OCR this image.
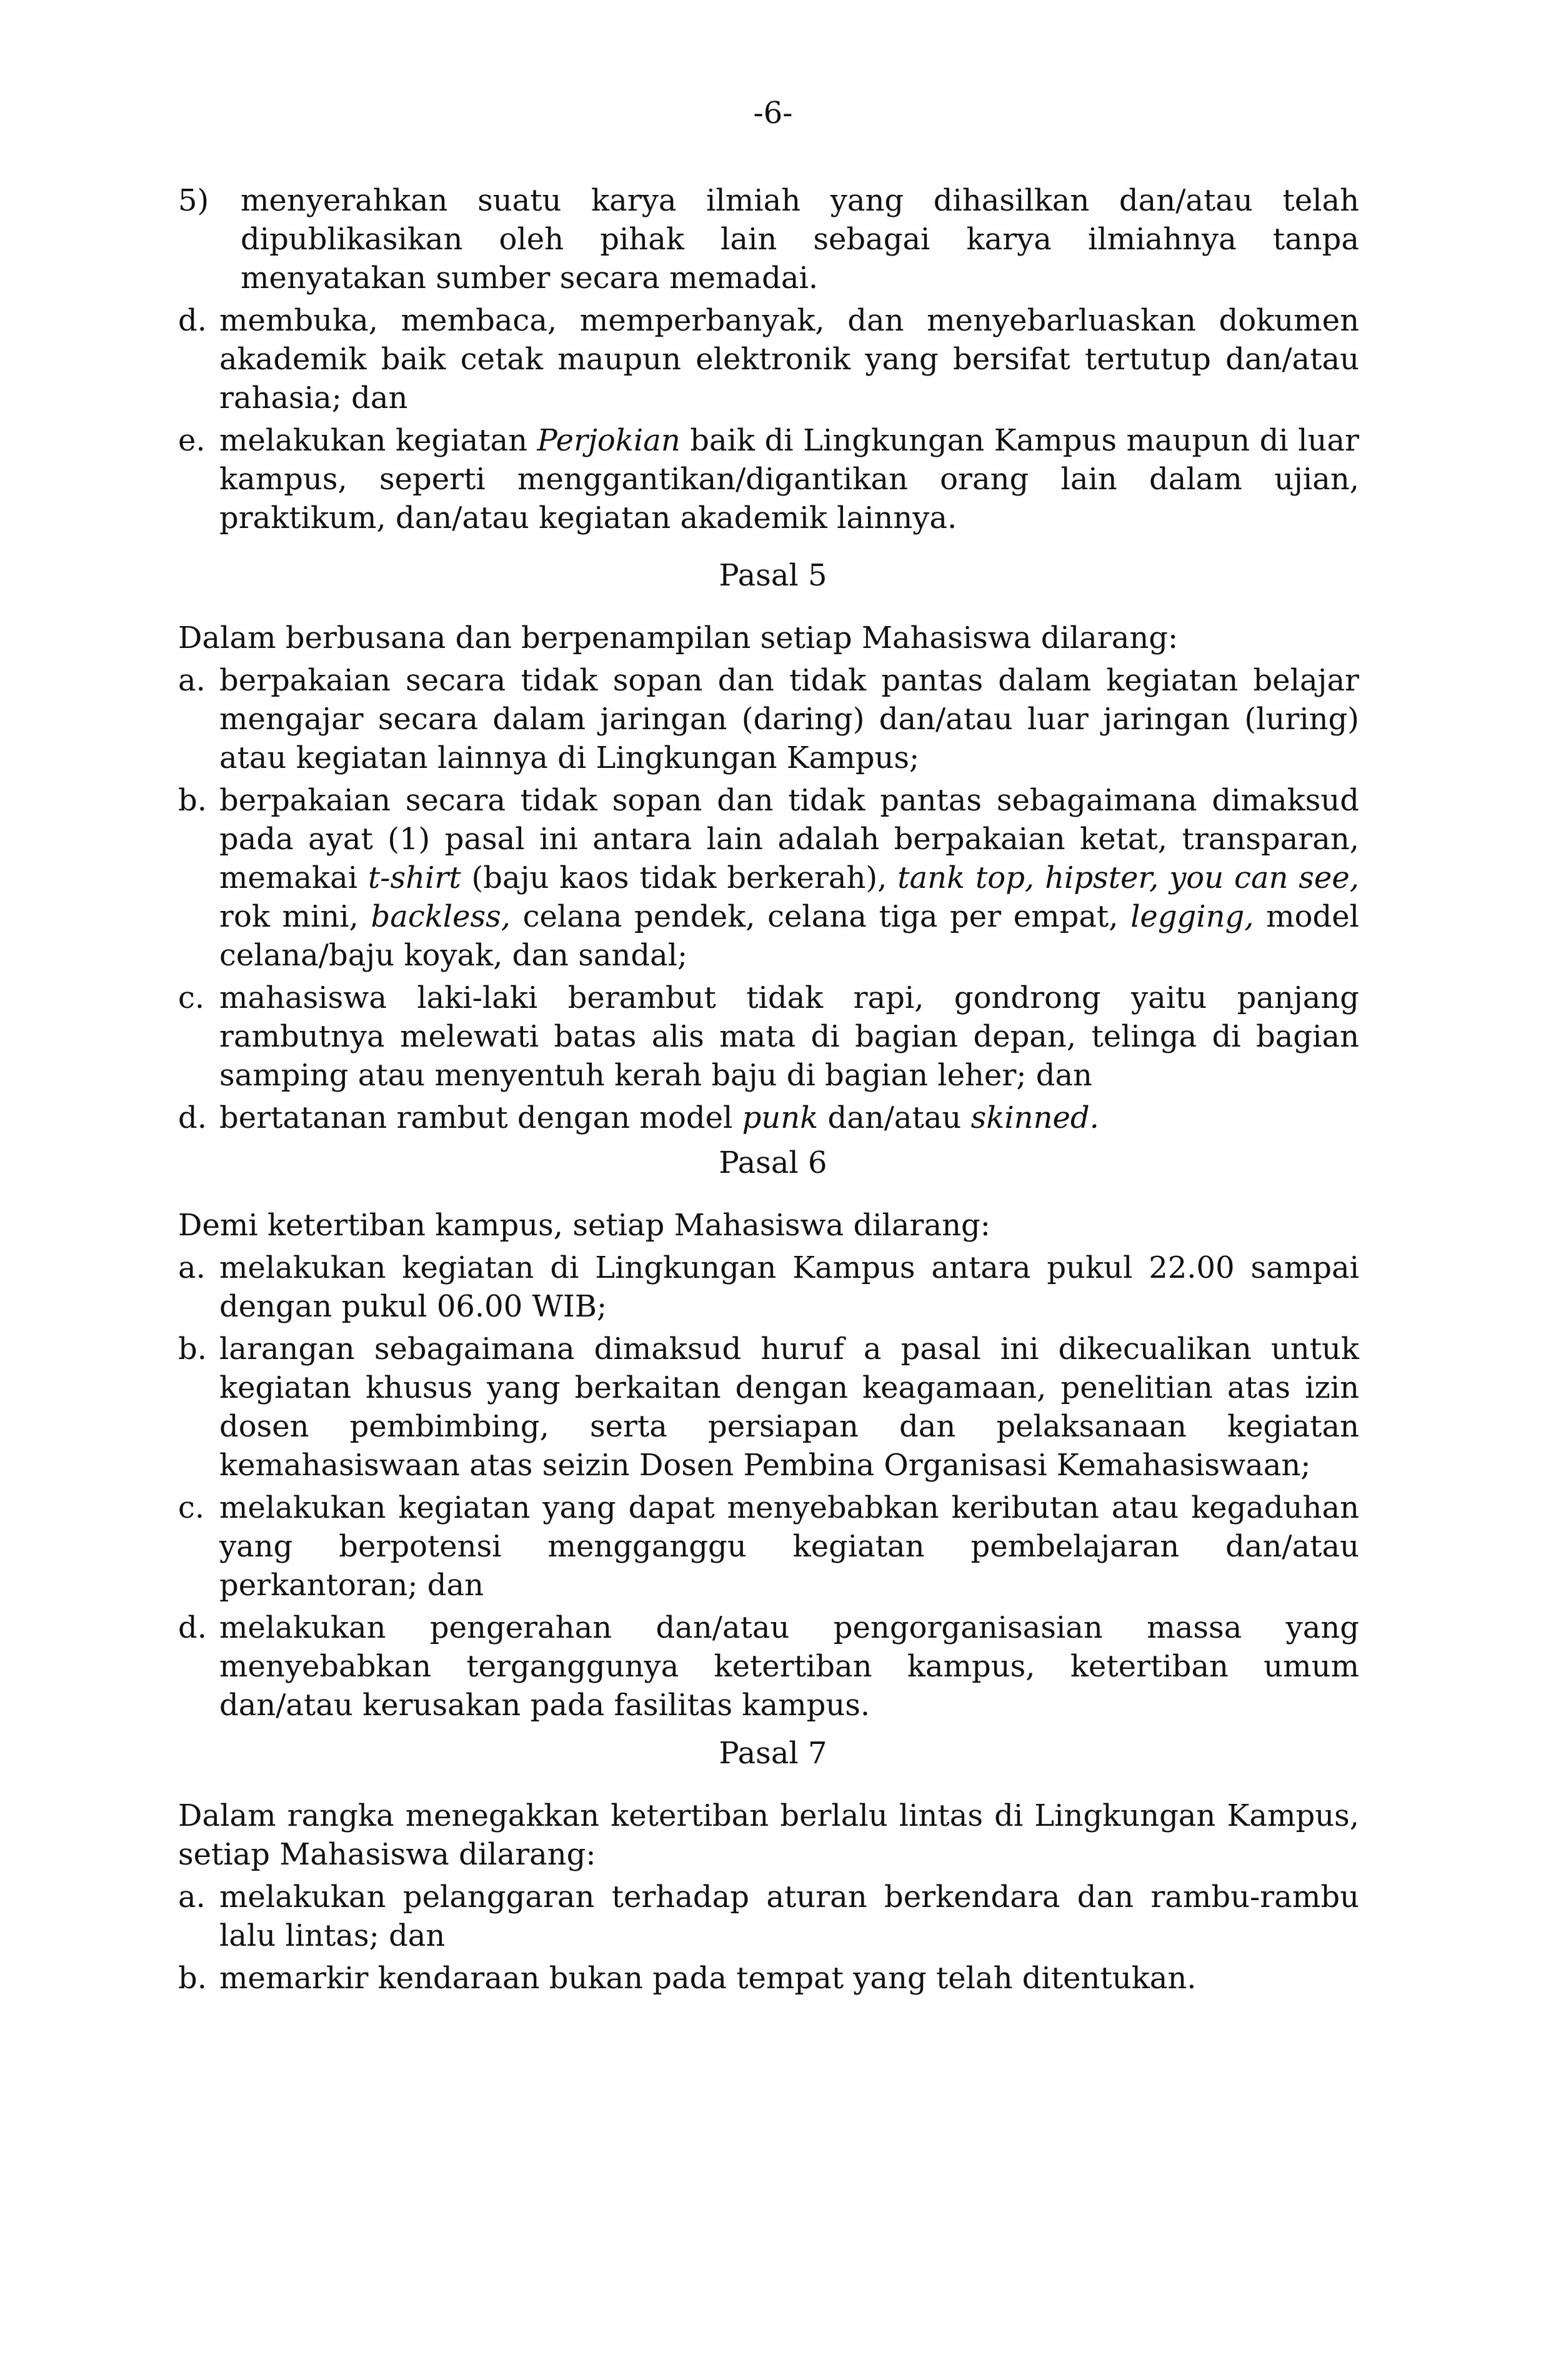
-6-
5)	menyerahkan suatu karya ilmiah yang dihasilkan dan/atau telah dipublikasikan oleh pihak lain sebagai karya ilmiahnya tanpa menyatakan sumber secara memadai.
d. membuka, membaca, memperbanyak, dan menyebarluaskan dokumen akademik baik cetak maupun elektronik yang bersifat tertutup dan/atau rahasia; dan
e. melakukan kegiatan Perjokian baik di Lingkungan Kampus maupun di luar kampus, seperti menggantikan/digantikan orang lain dalam ujian, praktikum, dan/atau kegiatan akademik lainnya.
Pasal 5
Dalam berbusana dan berpenampilan setiap Mahasiswa dilarang:
a. berpakaian secara tidak sopan dan tidak pantas dalam kegiatan belajar mengajar secara dalam jaringan (daring) dan/atau luar jaringan (luring) atau kegiatan lainnya di Lingkungan Kampus;
b. berpakaian secara tidak sopan dan tidak pantas sebagaimana dimaksud pada ayat (1) pasal ini antara lain adalah berpakaian ketat, transparan, memakai t-shirt (baju kaos tidak berkerah), tank top, hipster, you can see, rok mini, backless, celana pendek, celana tiga per empat, legging, model celana/baju koyak, dan sandal;
c. mahasiswa laki-laki berambut tidak rapi, gondrong yaitu panjang rambutnya melewati batas alis mata di bagian depan, telinga di bagian samping atau menyentuh kerah baju di bagian leher; dan
d. bertatanan rambut dengan model punk dan/atau skinned.
Pasal 6
Demi ketertiban kampus, setiap Mahasiswa dilarang:
a. melakukan kegiatan di Lingkungan Kampus antara pukul 22.00 sampai dengan pukul 06.00 WIB;
b. larangan sebagaimana dimaksud huruf a pasal ini dikecualikan untuk kegiatan khusus yang berkaitan dengan keagamaan, penelitian atas izin dosen pembimbing, serta persiapan dan pelaksanaan kegiatan kemahasiswaan atas seizin Dosen Pembina Organisasi Kemahasiswaan;
c. melakukan kegiatan yang dapat menyebabkan keributan atau kegaduhan yang berpotensi mengganggu kegiatan pembelajaran dan/atau perkantoran; dan
d. melakukan pengerahan dan/atau pengorganisasian massa yang menyebabkan terganggunya ketertiban kampus, ketertiban umum dan/atau kerusakan pada fasilitas kampus.
Pasal 7
Dalam rangka menegakkan ketertiban berlalu lintas di Lingkungan Kampus, setiap Mahasiswa dilarang:
a. melakukan pelanggaran terhadap aturan berkendara dan rambu-rambu lalu lintas; dan
b. memarkir kendaraan bukan pada tempat yang telah ditentukan.
